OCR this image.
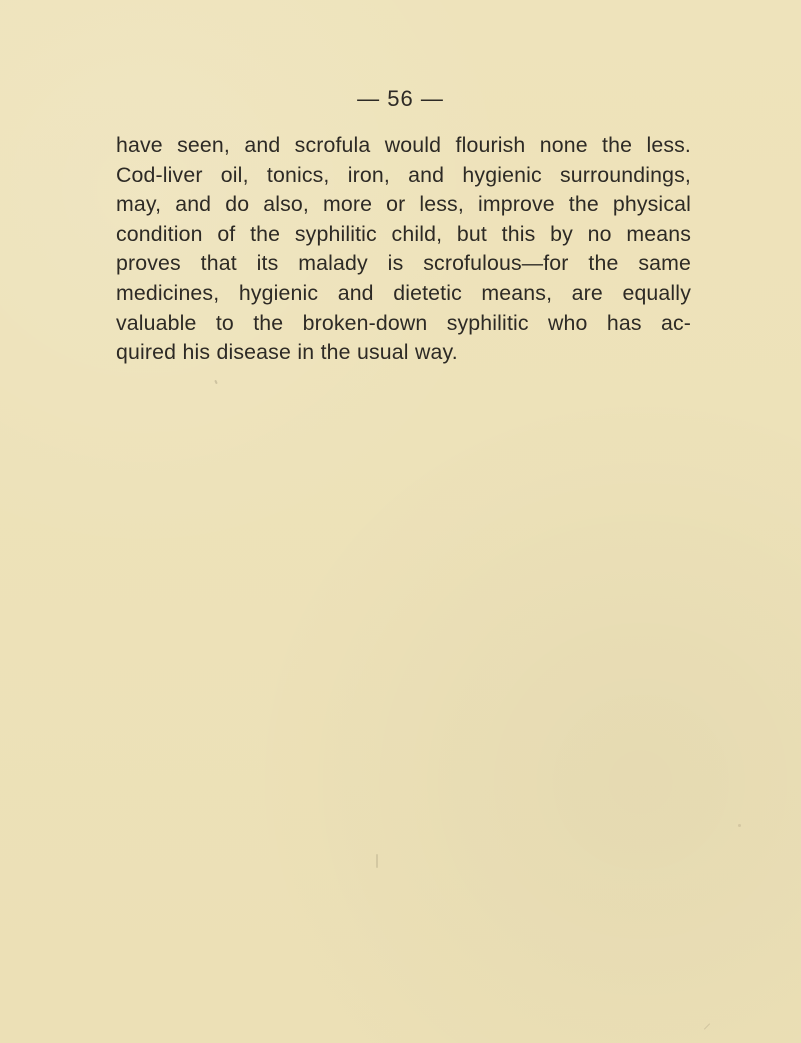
— 56 —
have seen, and scrofula would flourish none the less.
Cod-liver oil, tonics, iron, and hygienic surroundings,
may, and do also, more or less, improve the physical
condition of the syphilitic child, but this by no means
proves that its malady is scrofulous—for the same
medicines, hygienic and dietetic means, are equally
valuable to the broken-down syphilitic who has ac-
quired his disease in the usual way.
